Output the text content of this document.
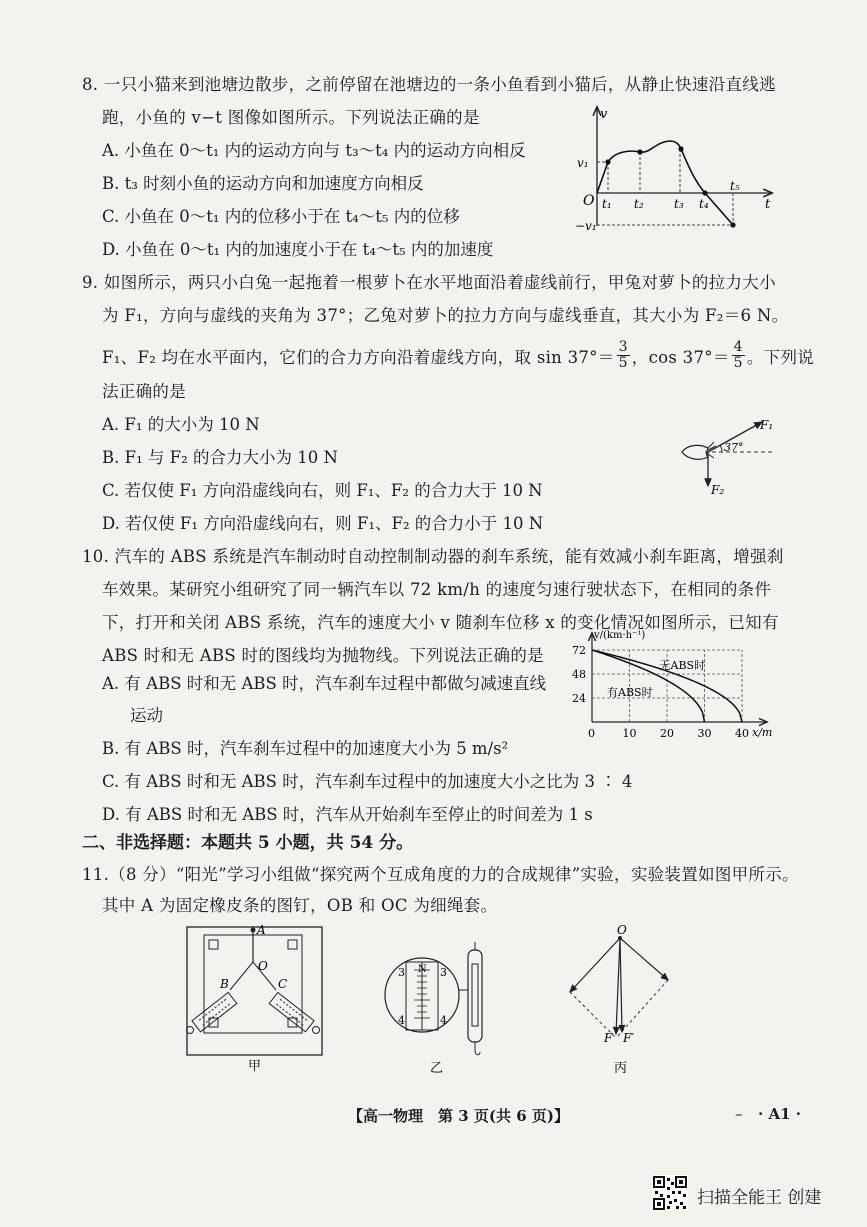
8. 一只小猫来到池塘边散步，之前停留在池塘边的一条小鱼看到小猫后，从静止快速沿直线逃
跑，小鱼的 v−t 图像如图所示。下列说法正确的是
A. 小鱼在 0～t₁ 内的运动方向与 t₃～t₄ 内的运动方向相反
B. t₃ 时刻小鱼的运动方向和加速度方向相反
C. 小鱼在 0～t₁ 内的位移小于在 t₄～t₅ 内的位移
D. 小鱼在 0～t₁ 内的加速度小于在 t₄～t₅ 内的加速度
v
t
O
v₁
−v₁
t₁ t₂	t₃ t₄
t₅
9. 如图所示，两只小白兔一起拖着一根萝卜在水平地面沿着虚线前行，甲兔对萝卜的拉力大小
为 F₁，方向与虚线的夹角为 37°；乙兔对萝卜的拉力方向与虚线垂直，其大小为 F₂＝6 N。
F₁、F₂ 均在水平面内，它们的合力方向沿着虚线方向，取 $\sin 37^\circ= \frac{3}{5}$ ，$\cos 37^\circ= \frac{4}{5}$ 。下列说
法正确的是
A. F₁ 的大小为 10 N
B. F₁ 与 F₂ 的合力大小为 10 N
C. 若仅使 F₁ 方向沿虚线向右，则 F₁、F₂ 的合力大于 10 N
D. 若仅使 F₁ 方向沿虚线向右，则 F₁、F₂ 的合力小于 10 N
37°
F₁
F₂
10. 汽车的 ABS 系统是汽车制动时自动控制制动器的刹车系统，能有效减小刹车距离，增强刹
车效果。某研究小组研究了同一辆汽车以 72 km/h 的速度匀速行驶状态下，在相同的条件
下，打开和关闭 ABS 系统，汽车的速度大小 v 随刹车位移 x 的变化情况如图所示，已知有
ABS 时和无 ABS 时的图线均为抛物线。下列说法正确的是
A. 有 ABS 时和无 ABS 时，汽车刹车过程中都做匀减速直线
运动
B. 有 ABS 时，汽车刹车过程中的加速度大小为 5 m/s²
C. 有 ABS 时和无 ABS 时，汽车刹车过程中的加速度大小之比为 3 ∶ 4
D. 有 ABS 时和无 ABS 时，汽车从开始刹车至停止的时间差为 1 s
v/(km·h⁻¹)
x/m
24
48
72
0	10 20 30 40
无ABS时
有ABS时
二、非选择题：本题共 5 小题，共 54 分。
11.（8 分）“阳光”学习小组做“探究两个互成角度的力的合成规律”实验，实验装置如图甲所示。
其中 A 为固定橡皮条的图钉，OB 和 OC 为细绳套。
A
B
O
C
甲
N
3
4
3
4
乙
O
F F′
丙
【高一物理　第 3 页(共 6 页)】	– · A1 ·
扫描全能王 创建
